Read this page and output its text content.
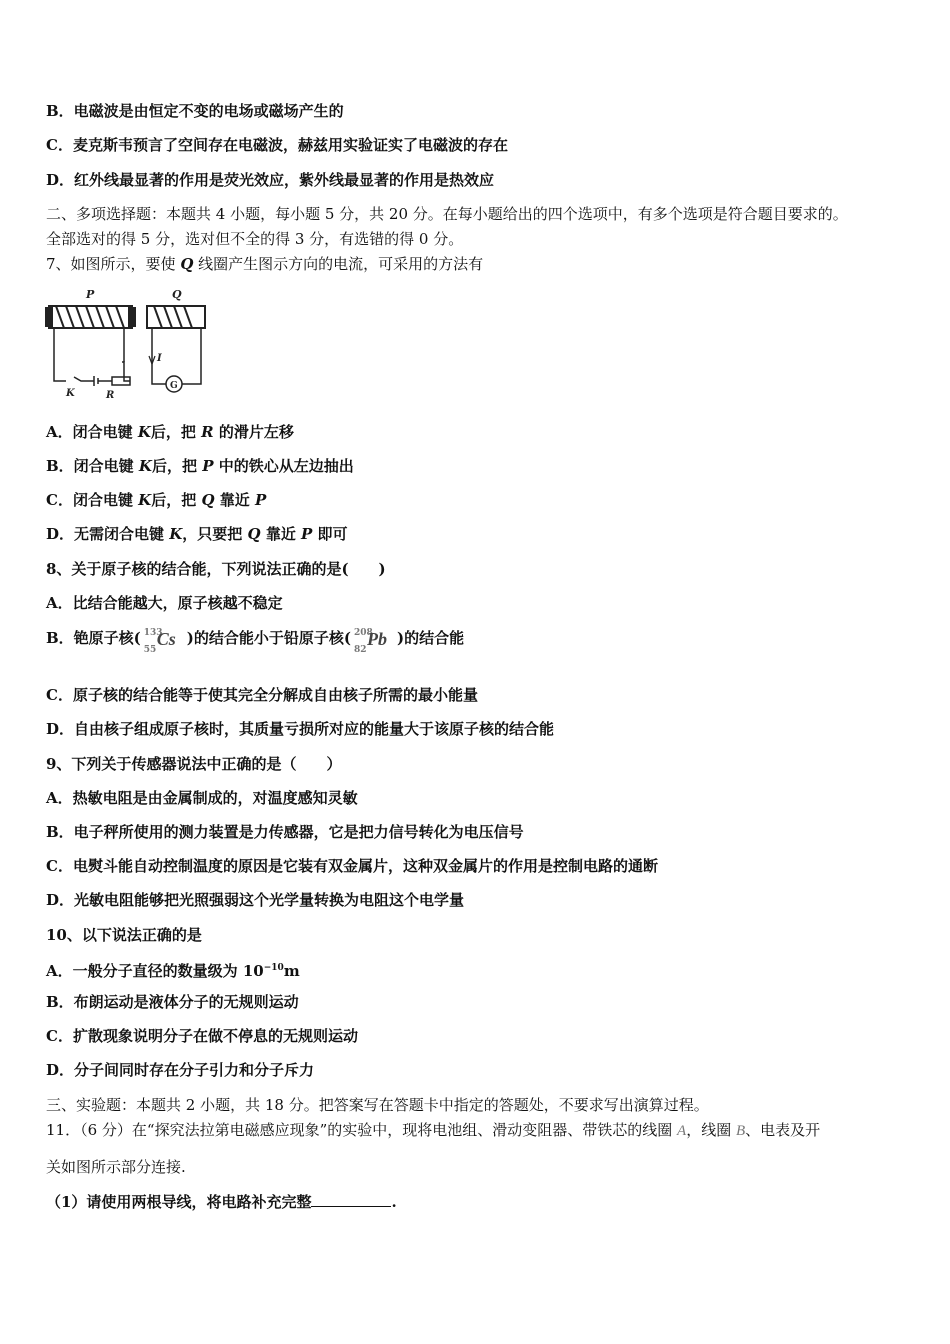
B．电磁波是由恒定不变的电场或磁场产生的
C．麦克斯韦预言了空间存在电磁波，赫兹用实验证实了电磁波的存在
D．红外线最显著的作用是荧光效应，紫外线最显著的作用是热效应
二、多项选择题：本题共 4 小题，每小题 5 分，共 20 分。在每小题给出的四个选项中，有多个选项是符合题目要求的。
全部选对的得 5 分，选对但不全的得 3 分，有选错的得 0 分。
7、如图所示，要使 Q 线圈产生图示方向的电流，可采用的方法有
P	Q
K	R
I
G
A．闭合电键 K后，把 R 的滑片左移
B．闭合电键 K后，把 P 中的铁心从左边抽出
C．闭合电键 K后，把 Q 靠近 P
D．无需闭合电键 K，只要把 Q 靠近 P 即可
8、关于原子核的结合能，下列说法正确的是(　　)
A．比结合能越大，原子核越不稳定
B．铯原子核( 133
55
Cs )的结合能小于铅原子核( 208
82
Pb )的结合能
C．原子核的结合能等于使其完全分解成自由核子所需的最小能量
D．自由核子组成原子核时，其质量亏损所对应的能量大于该原子核的结合能
9、下列关于传感器说法中正确的是（　　）
A．热敏电阻是由金属制成的，对温度感知灵敏
B．电子秤所使用的测力装置是力传感器，它是把力信号转化为电压信号
C．电熨斗能自动控制温度的原因是它装有双金属片，这种双金属片的作用是控制电路的通断
D．光敏电阻能够把光照强弱这个光学量转换为电阻这个电学量
10、以下说法正确的是
A．一般分子直径的数量级为 $10^{-10}m$
B．布朗运动是液体分子的无规则运动
C．扩散现象说明分子在做不停息的无规则运动
D．分子间同时存在分子引力和分子斥力
三、实验题：本题共 2 小题，共 18 分。把答案写在答题卡中指定的答题处，不要求写出演算过程。
11．（6 分）在“探究法拉第电磁感应现象”的实验中，现将电池组、滑动变阻器、带铁芯的线圈 A，线圈 B、电表及开
关如图所示部分连接.
（1）请使用两根导线，将电路补充完整	.
